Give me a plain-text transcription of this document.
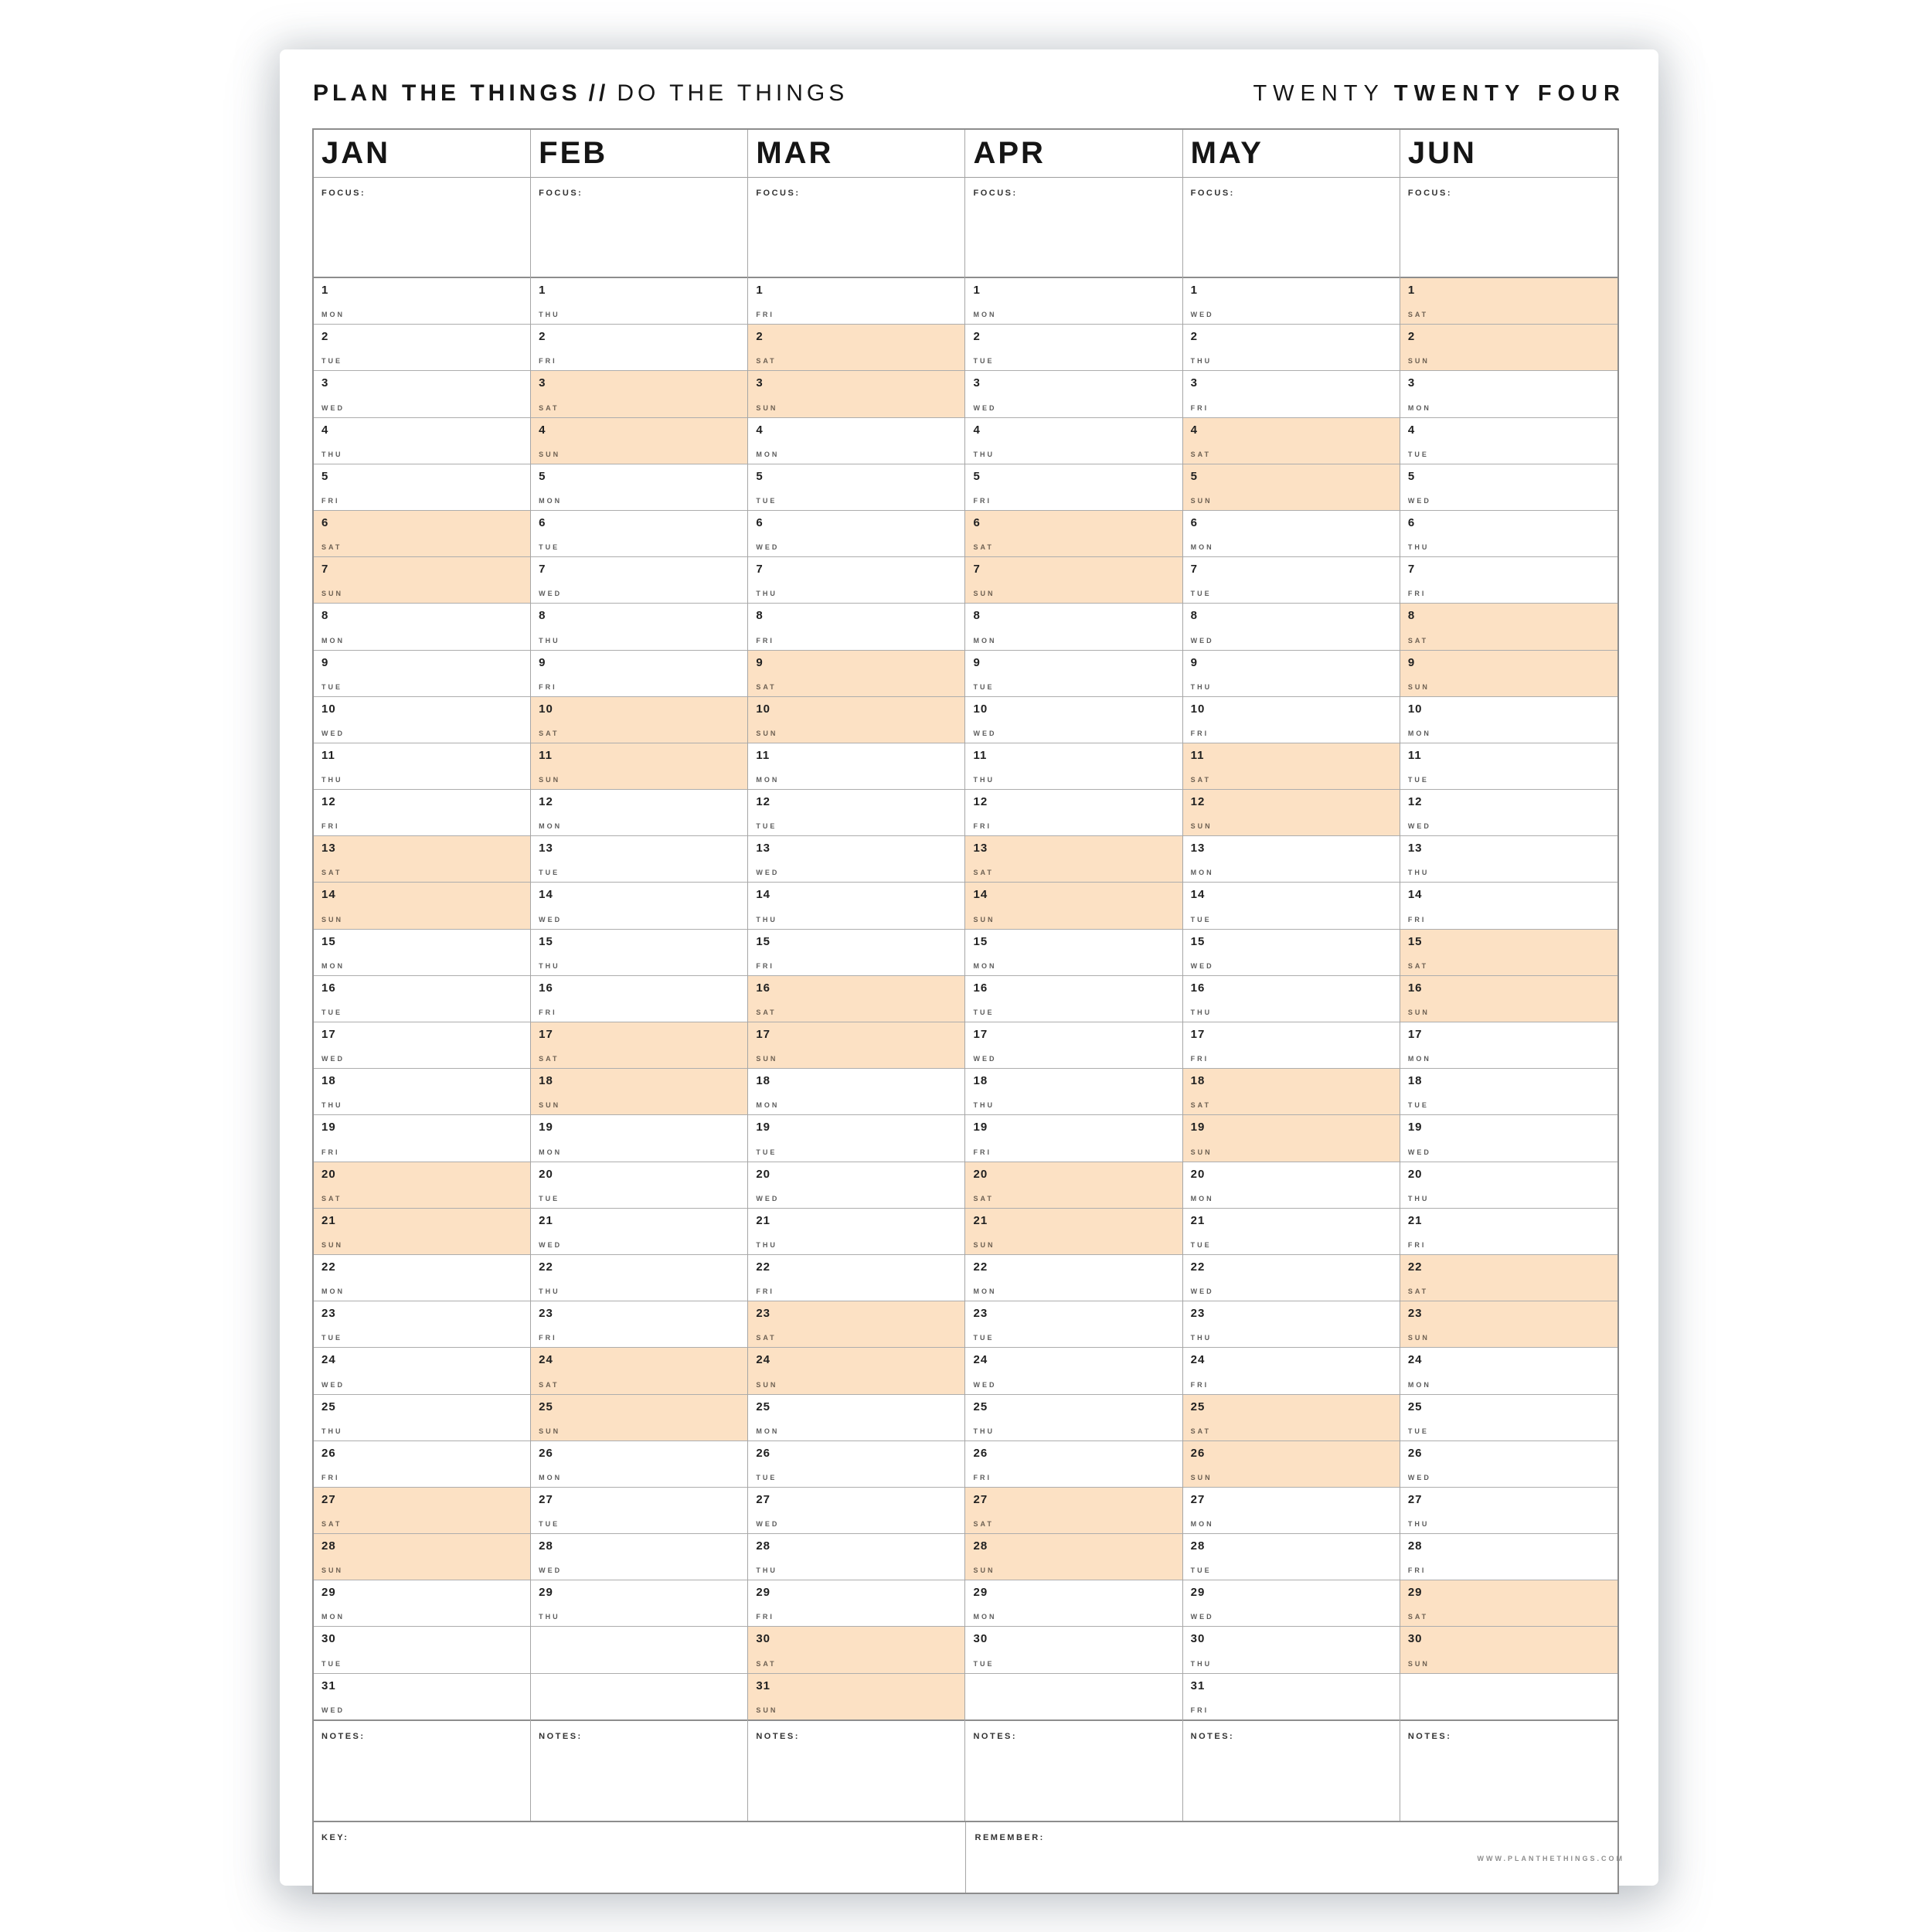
PLAN THE THINGS // DO THE THINGS	TWENTY TWENTY FOUR
JAN
FOCUS:
1
MON
2
TUE
3
WED
4
THU
5
FRI
6
SAT
7
SUN
8
MON
9
TUE
10
WED
11
THU
12
FRI
13
SAT
14
SUN
15
MON
16
TUE
17
WED
18
THU
19
FRI
20
SAT
21
SUN
22
MON
23
TUE
24
WED
25
THU
26
FRI
27
SAT
28
SUN
29
MON
30
TUE
31
WED
NOTES:
FEB
FOCUS:
1
THU
2
FRI
3
SAT
4
SUN
5
MON
6
TUE
7
WED
8
THU
9
FRI
10
SAT
11
SUN
12
MON
13
TUE
14
WED
15
THU
16
FRI
17
SAT
18
SUN
19
MON
20
TUE
21
WED
22
THU
23
FRI
24
SAT
25
SUN
26
MON
27
TUE
28
WED
29
THU
NOTES:
MAR
FOCUS:
1
FRI
2
SAT
3
SUN
4
MON
5
TUE
6
WED
7
THU
8
FRI
9
SAT
10
SUN
11
MON
12
TUE
13
WED
14
THU
15
FRI
16
SAT
17
SUN
18
MON
19
TUE
20
WED
21
THU
22
FRI
23
SAT
24
SUN
25
MON
26
TUE
27
WED
28
THU
29
FRI
30
SAT
31
SUN
NOTES:
APR
FOCUS:
1
MON
2
TUE
3
WED
4
THU
5
FRI
6
SAT
7
SUN
8
MON
9
TUE
10
WED
11
THU
12
FRI
13
SAT
14
SUN
15
MON
16
TUE
17
WED
18
THU
19
FRI
20
SAT
21
SUN
22
MON
23
TUE
24
WED
25
THU
26
FRI
27
SAT
28
SUN
29
MON
30
TUE
NOTES:
MAY
FOCUS:
1
WED
2
THU
3
FRI
4
SAT
5
SUN
6
MON
7
TUE
8
WED
9
THU
10
FRI
11
SAT
12
SUN
13
MON
14
TUE
15
WED
16
THU
17
FRI
18
SAT
19
SUN
20
MON
21
TUE
22
WED
23
THU
24
FRI
25
SAT
26
SUN
27
MON
28
TUE
29
WED
30
THU
31
FRI
NOTES:
JUN
FOCUS:
1
SAT
2
SUN
3
MON
4
TUE
5
WED
6
THU
7
FRI
8
SAT
9
SUN
10
MON
11
TUE
12
WED
13
THU
14
FRI
15
SAT
16
SUN
17
MON
18
TUE
19
WED
20
THU
21
FRI
22
SAT
23
SUN
24
MON
25
TUE
26
WED
27
THU
28
FRI
29
SAT
30
SUN
NOTES:
KEY:	REMEMBER:
WWW.PLANTHETHINGS.COM
